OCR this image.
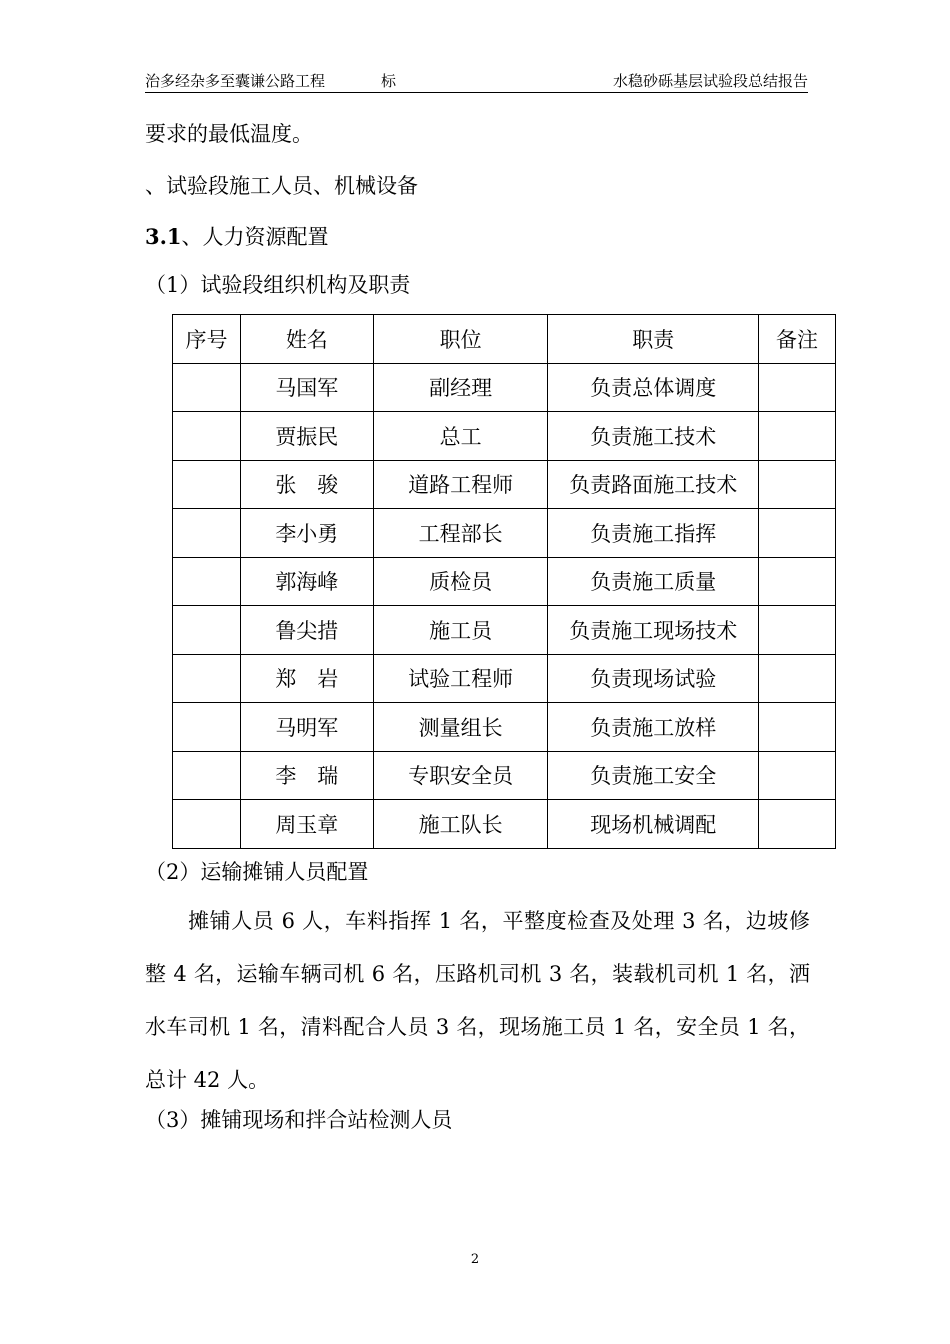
治多经杂多至囊谦公路工程	标	水稳砂砾基层试验段总结报告
要求的最低温度。
、试验段施工人员、机械设备
3.1、人力资源配置
（1）试验段组织机构及职责
序号	姓名	职位	职责	备注
	马国军	副经理	负责总体调度	
	贾振民	总工	负责施工技术	
	张　骏	道路工程师	负责路面施工技术	
	李小勇	工程部长	负责施工指挥	
	郭海峰	质检员	负责施工质量	
	鲁尖措	施工员	负责施工现场技术	
	郑　岩	试验工程师	负责现场试验	
	马明军	测量组长	负责施工放样	
	李　瑞	专职安全员	负责施工安全	
	周玉章	施工队长	现场机械调配	
（2）运输摊铺人员配置

　　摊铺人员 6 人，车料指挥 1 名，平整度检查及处理 3 名，边坡修整 4 名，运输车辆司机 6 名，压路机司机 3 名，装载机司机 1 名，洒水车司机 1 名，清料配合人员 3 名，现场施工员 1 名，安全员 1 名，总计 42 人。

（3）摊铺现场和拌合站检测人员
2
